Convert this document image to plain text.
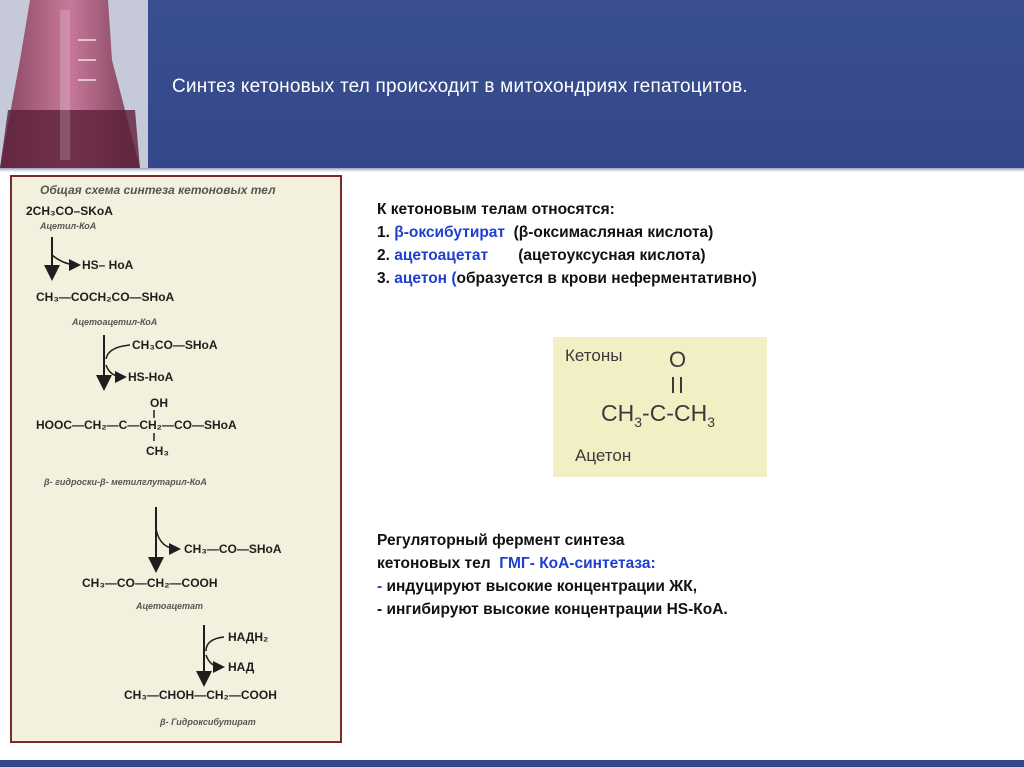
Синтез кетоновых тел происходит в митохондриях гепатоцитов.
Общая схема синтеза кетоновых тел
2CH₃CO–SKoA
Ацетил-КоА
HS– HoA
CH₃—COCH₂CO—SHoA
Ацетоацетил-КоА
CH₃CO—SHoA
HS-HoA
OH
HOOC—CH₂—C—CH₂—CO—SHoA
CH₃
β- гидроски-β- метилглутарил-КоА
CH₃—CO—SHoA
CH₃—CO—CH₂—COOH
Ацетоацетат
НАДН₂
НАД
CH₃—CHOH—CH₂—COOH
β- Гидроксибутират
К кетоновым телам относятся:
1. β-оксибутират  (β-оксимасляная кислота)
2. ацетоацетат       (ацетоуксусная кислота)
3. ацетон (образуется в крови неферментативно)
Кетоны O
$CH_3-C-CH_3$
Ацетон
Регуляторный фермент синтеза
кетоновых тел  ГМГ- КоА-синтетаза:
- индуцируют высокие концентрации ЖК,
- ингибируют высокие концентрации HS-КоА.
